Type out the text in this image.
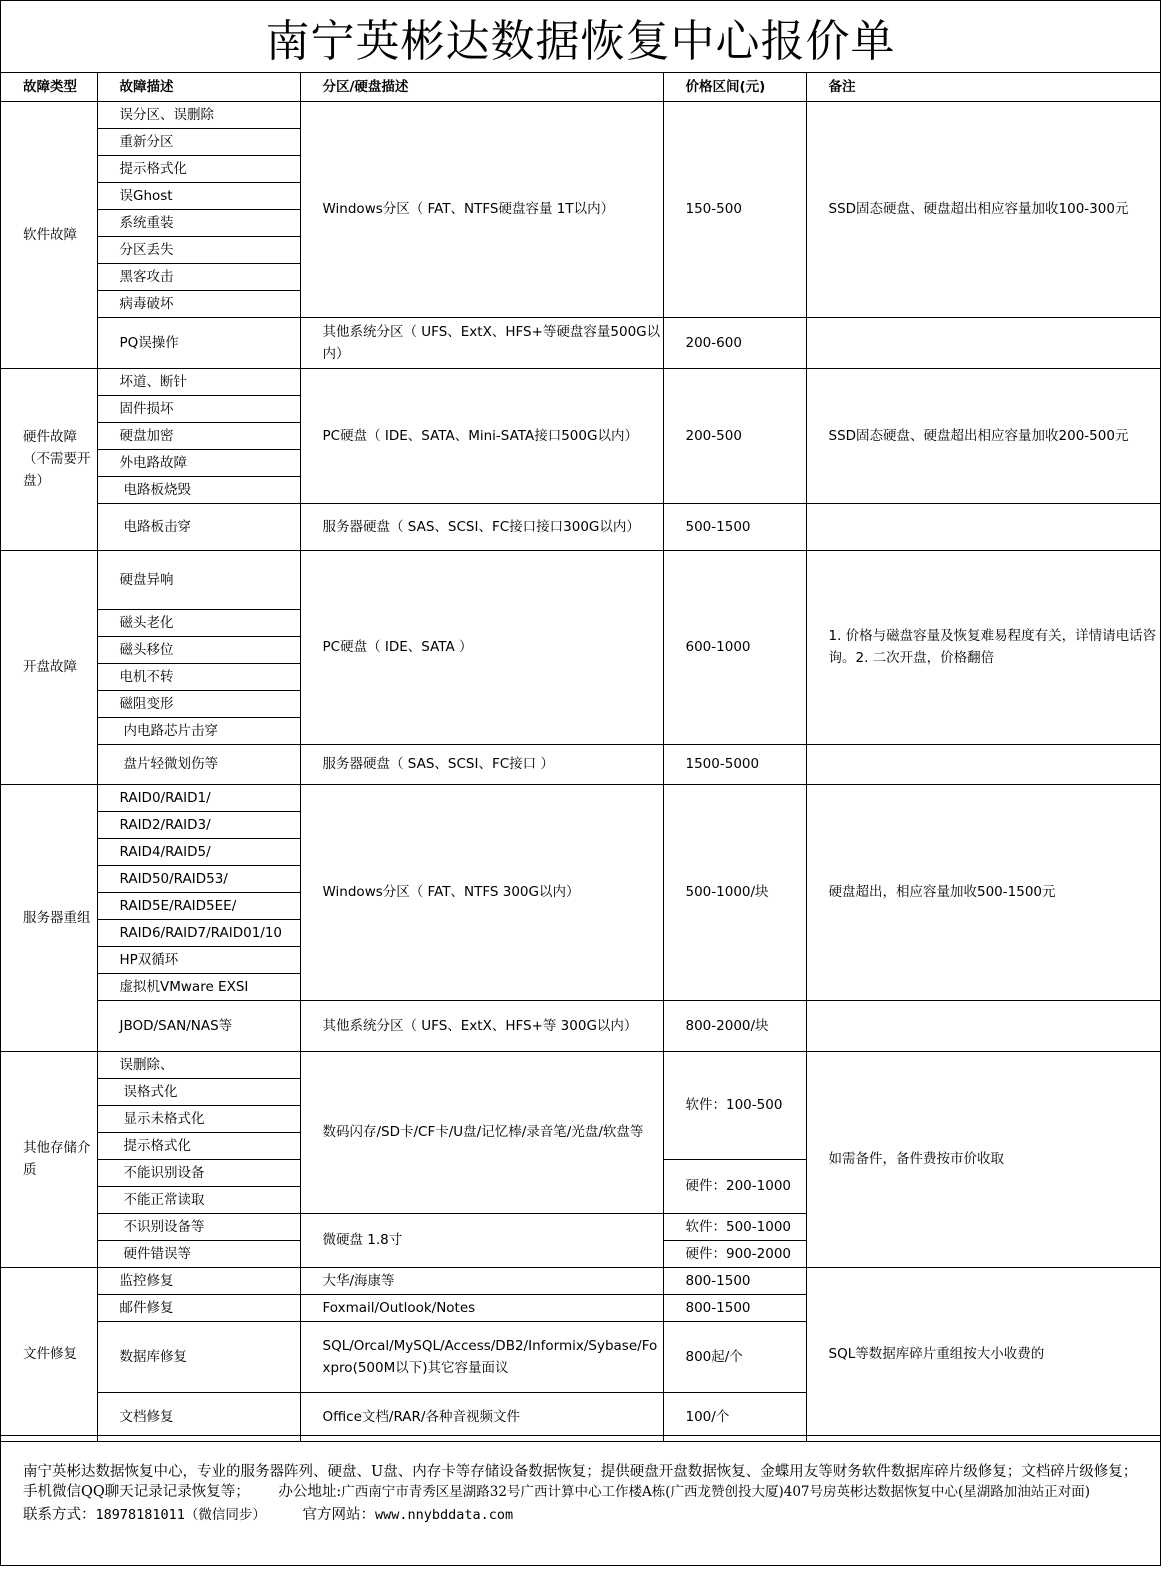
南宁英彬达数据恢复中心报价单
故障类型	故障描述	分区/硬盘描述	价格区间(元)	备注
软件故障	误分区、误删除	Windows分区（ FAT、NTFS硬盘容量 1T以内）	150-500	SSD固态硬盘、硬盘超出相应容量加收100-300元
	重新分区			
	提示格式化			
	误Ghost			
	系统重装			
	分区丢失			
	黑客攻击			
	病毒破坏			
	PQ误操作	其他系统分区（ UFS、ExtX、HFS+等硬盘容量500G以内）	200-600	
硬件故障（不需要开盘）	坏道、断针	PC硬盘（ IDE、SATA、Mini-SATA接口500G以内）	200-500	SSD固态硬盘、硬盘超出相应容量加收200-500元
	固件损坏			
	硬盘加密			
	外电路故障			
	电路板烧毁			
	电路板击穿	服务器硬盘（ SAS、SCSI、FC接口接口300G以内）	500-1500	
开盘故障	硬盘异响	PC硬盘（ IDE、SATA ）	600-1000	1. 价格与磁盘容量及恢复难易程度有关，详情请电话咨询。2. 二次开盘，价格翻倍
	磁头老化			
	磁头移位			
	电机不转			
	磁阻变形			
	内电路芯片击穿			
	盘片轻微划伤等	服务器硬盘（ SAS、SCSI、FC接口 ）	1500-5000	
服务器重组	RAID0/RAID1/	Windows分区（ FAT、NTFS 300G以内）	500-1000/块	硬盘超出，相应容量加收500-1500元
	RAID2/RAID3/			
	RAID4/RAID5/			
	RAID50/RAID53/			
	RAID5E/RAID5EE/			
	RAID6/RAID7/RAID01/10			
	HP双循环			
	虚拟机VMware EXSI			
	JBOD/SAN/NAS等	其他系统分区（ UFS、ExtX、HFS+等 300G以内）	800-2000/块	
其他存储介质	误删除、	数码闪存/SD卡/CF卡/U盘/记忆棒/录音笔/光盘/软盘等	软件：100-500	如需备件，备件费按市价收取
	误格式化			
	显示未格式化			
	提示格式化			
	不能识别设备		硬件：200-1000	
	不能正常读取			
	不识别设备等	微硬盘 1.8寸	软件：500-1000	
	硬件错误等		硬件：900-2000	
文件修复	监控修复	大华/海康等	800-1500	SQL等数据库碎片重组按大小收费的
	邮件修复	Foxmail/Outlook/Notes	800-1500	
	数据库修复	SQL/Orcal/MySQL/Access/DB2/Informix/Sybase/Foxpro(500M以下)其它容量面议	800起/个	
	文档修复	Office文档/RAR/各种音视频文件	100/个	
南宁英彬达数据恢复中心，专业的服务器阵列、硬盘、U盘、内存卡等存储设备数据恢复；提供硬盘开盘数据恢复、金蝶用友等财务软件数据库碎片级修复；文档碎片级修复；手机微信QQ聊天记录记录恢复等； 办公地址:广西南宁市青秀区星湖路32号广西计算中心工作楼A栋(广西龙赞创投大厦)407号房英彬达数据恢复中心(星湖路加油站正对面)
联系方式：18978181011（微信同步）	官方网站：www.nnybddata.com
